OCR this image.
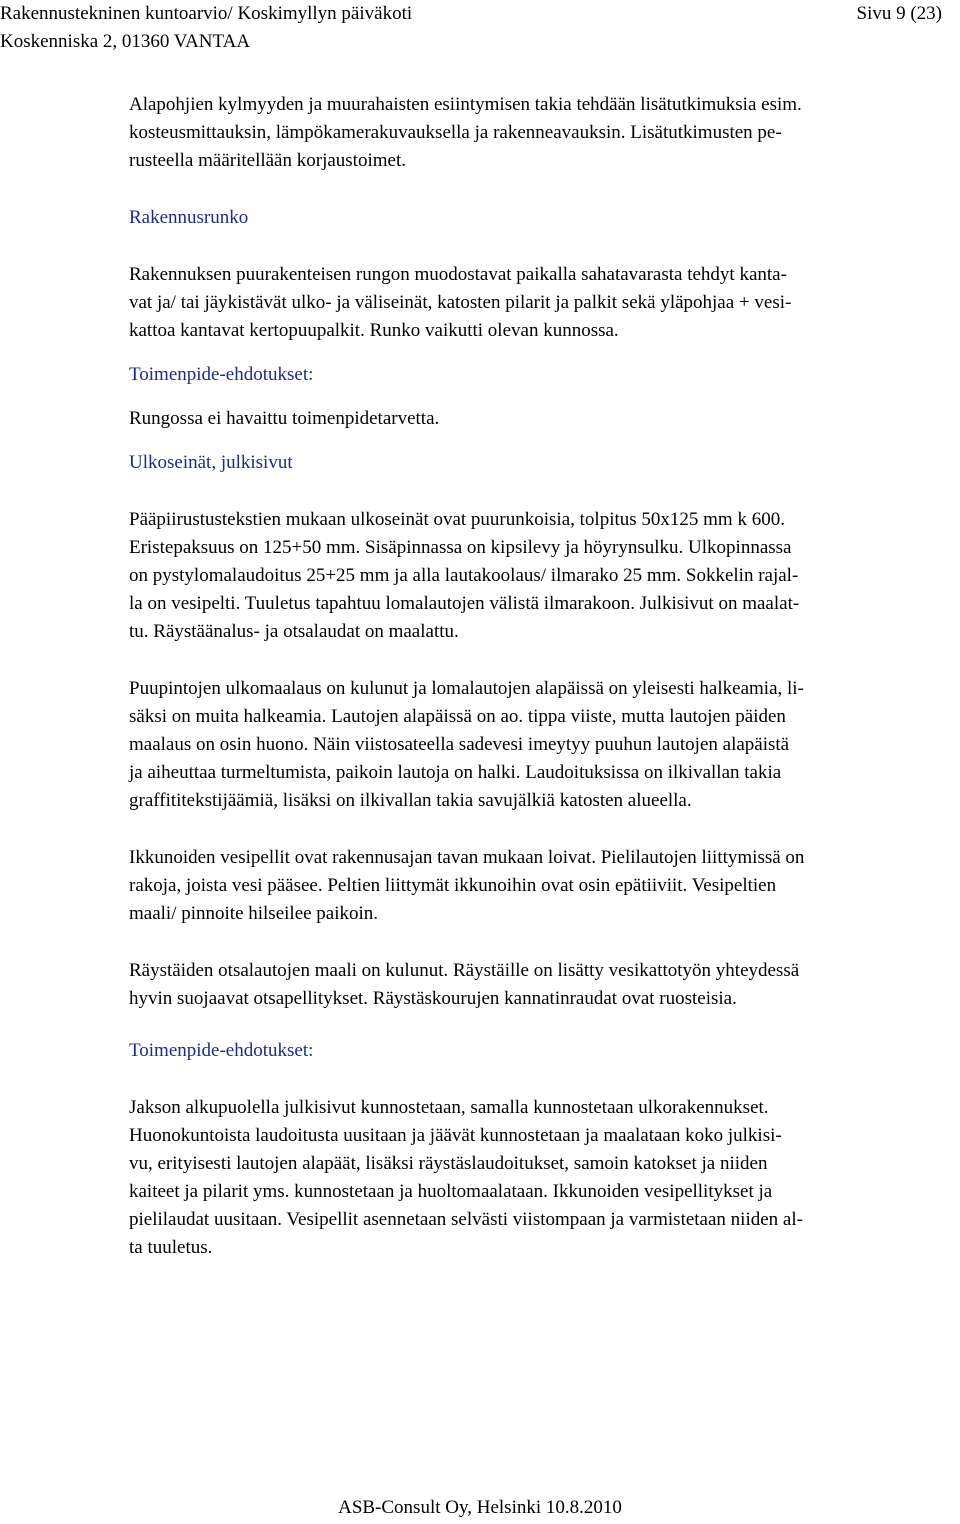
Rakennustekninen kuntoarvio/ Koskimyllyn päiväkoti
Koskenniska 2, 01360 VANTAA
Sivu 9 (23)
Alapohjien kylmyyden ja muurahaisten esiintymisen takia tehdään lisätutkimuksia esim.
kosteusmittauksin, lämpökamerakuvauksella ja rakenneavauksin. Lisätutkimusten pe-
rusteella määritellään korjaustoimet.
Rakennusrunko
Rakennuksen puurakenteisen rungon muodostavat paikalla sahatavarasta tehdyt kanta-
vat ja/ tai jäykistävät ulko- ja väliseinät, katosten pilarit ja palkit sekä yläpohjaa + vesi-
kattoa kantavat kertopuupalkit. Runko vaikutti olevan kunnossa.
Toimenpide-ehdotukset:
Rungossa ei havaittu toimenpidetarvetta.
Ulkoseinät, julkisivut
Pääpiirustustekstien mukaan ulkoseinät ovat puurunkoisia, tolpitus 50x125 mm k 600.
Eristepaksuus on 125+50 mm. Sisäpinnassa on kipsilevy ja höyrynsulku. Ulkopinnassa
on pystylomalaudoitus 25+25 mm ja alla lautakoolaus/ ilmarako 25 mm. Sokkelin rajal-
la on vesipelti. Tuuletus tapahtuu lomalautojen välistä ilmarakoon. Julkisivut on maalat-
tu. Räystäänalus- ja otsalaudat on maalattu.
Puupintojen ulkomaalaus on kulunut ja lomalautojen alapäissä on yleisesti halkeamia, li-
säksi on muita halkeamia. Lautojen alapäissä on ao. tippa viiste, mutta lautojen päiden
maalaus on osin huono. Näin viistosateella sadevesi imeytyy puuhun lautojen alapäistä
ja aiheuttaa turmeltumista, paikoin lautoja on halki. Laudoituksissa on ilkivallan takia
graffititekstijäämiä, lisäksi on ilkivallan takia savujälkiä katosten alueella.
Ikkunoiden vesipellit ovat rakennusajan tavan mukaan loivat. Pielilautojen liittymissä on
rakoja, joista vesi pääsee. Peltien liittymät ikkunoihin ovat osin epätiiviit. Vesipeltien
maali/ pinnoite hilseilee paikoin.
Räystäiden otsalautojen maali on kulunut. Räystäille on lisätty vesikattotyön yhteydessä
hyvin suojaavat otsapellitykset. Räystäskourujen kannatinraudat ovat ruosteisia.
Toimenpide-ehdotukset:
Jakson alkupuolella julkisivut kunnostetaan, samalla kunnostetaan ulkorakennukset.
Huonokuntoista laudoitusta uusitaan ja jäävät kunnostetaan ja maalataan koko julkisi-
vu, erityisesti lautojen alapäät, lisäksi räystäslaudoitukset, samoin katokset ja niiden
kaiteet ja pilarit yms. kunnostetaan ja huoltomaalataan. Ikkunoiden vesipellitykset ja
pielilaudat uusitaan. Vesipellit asennetaan selvästi viistompaan ja varmistetaan niiden al-
ta tuuletus.
ASB-Consult Oy, Helsinki 10.8.2010
